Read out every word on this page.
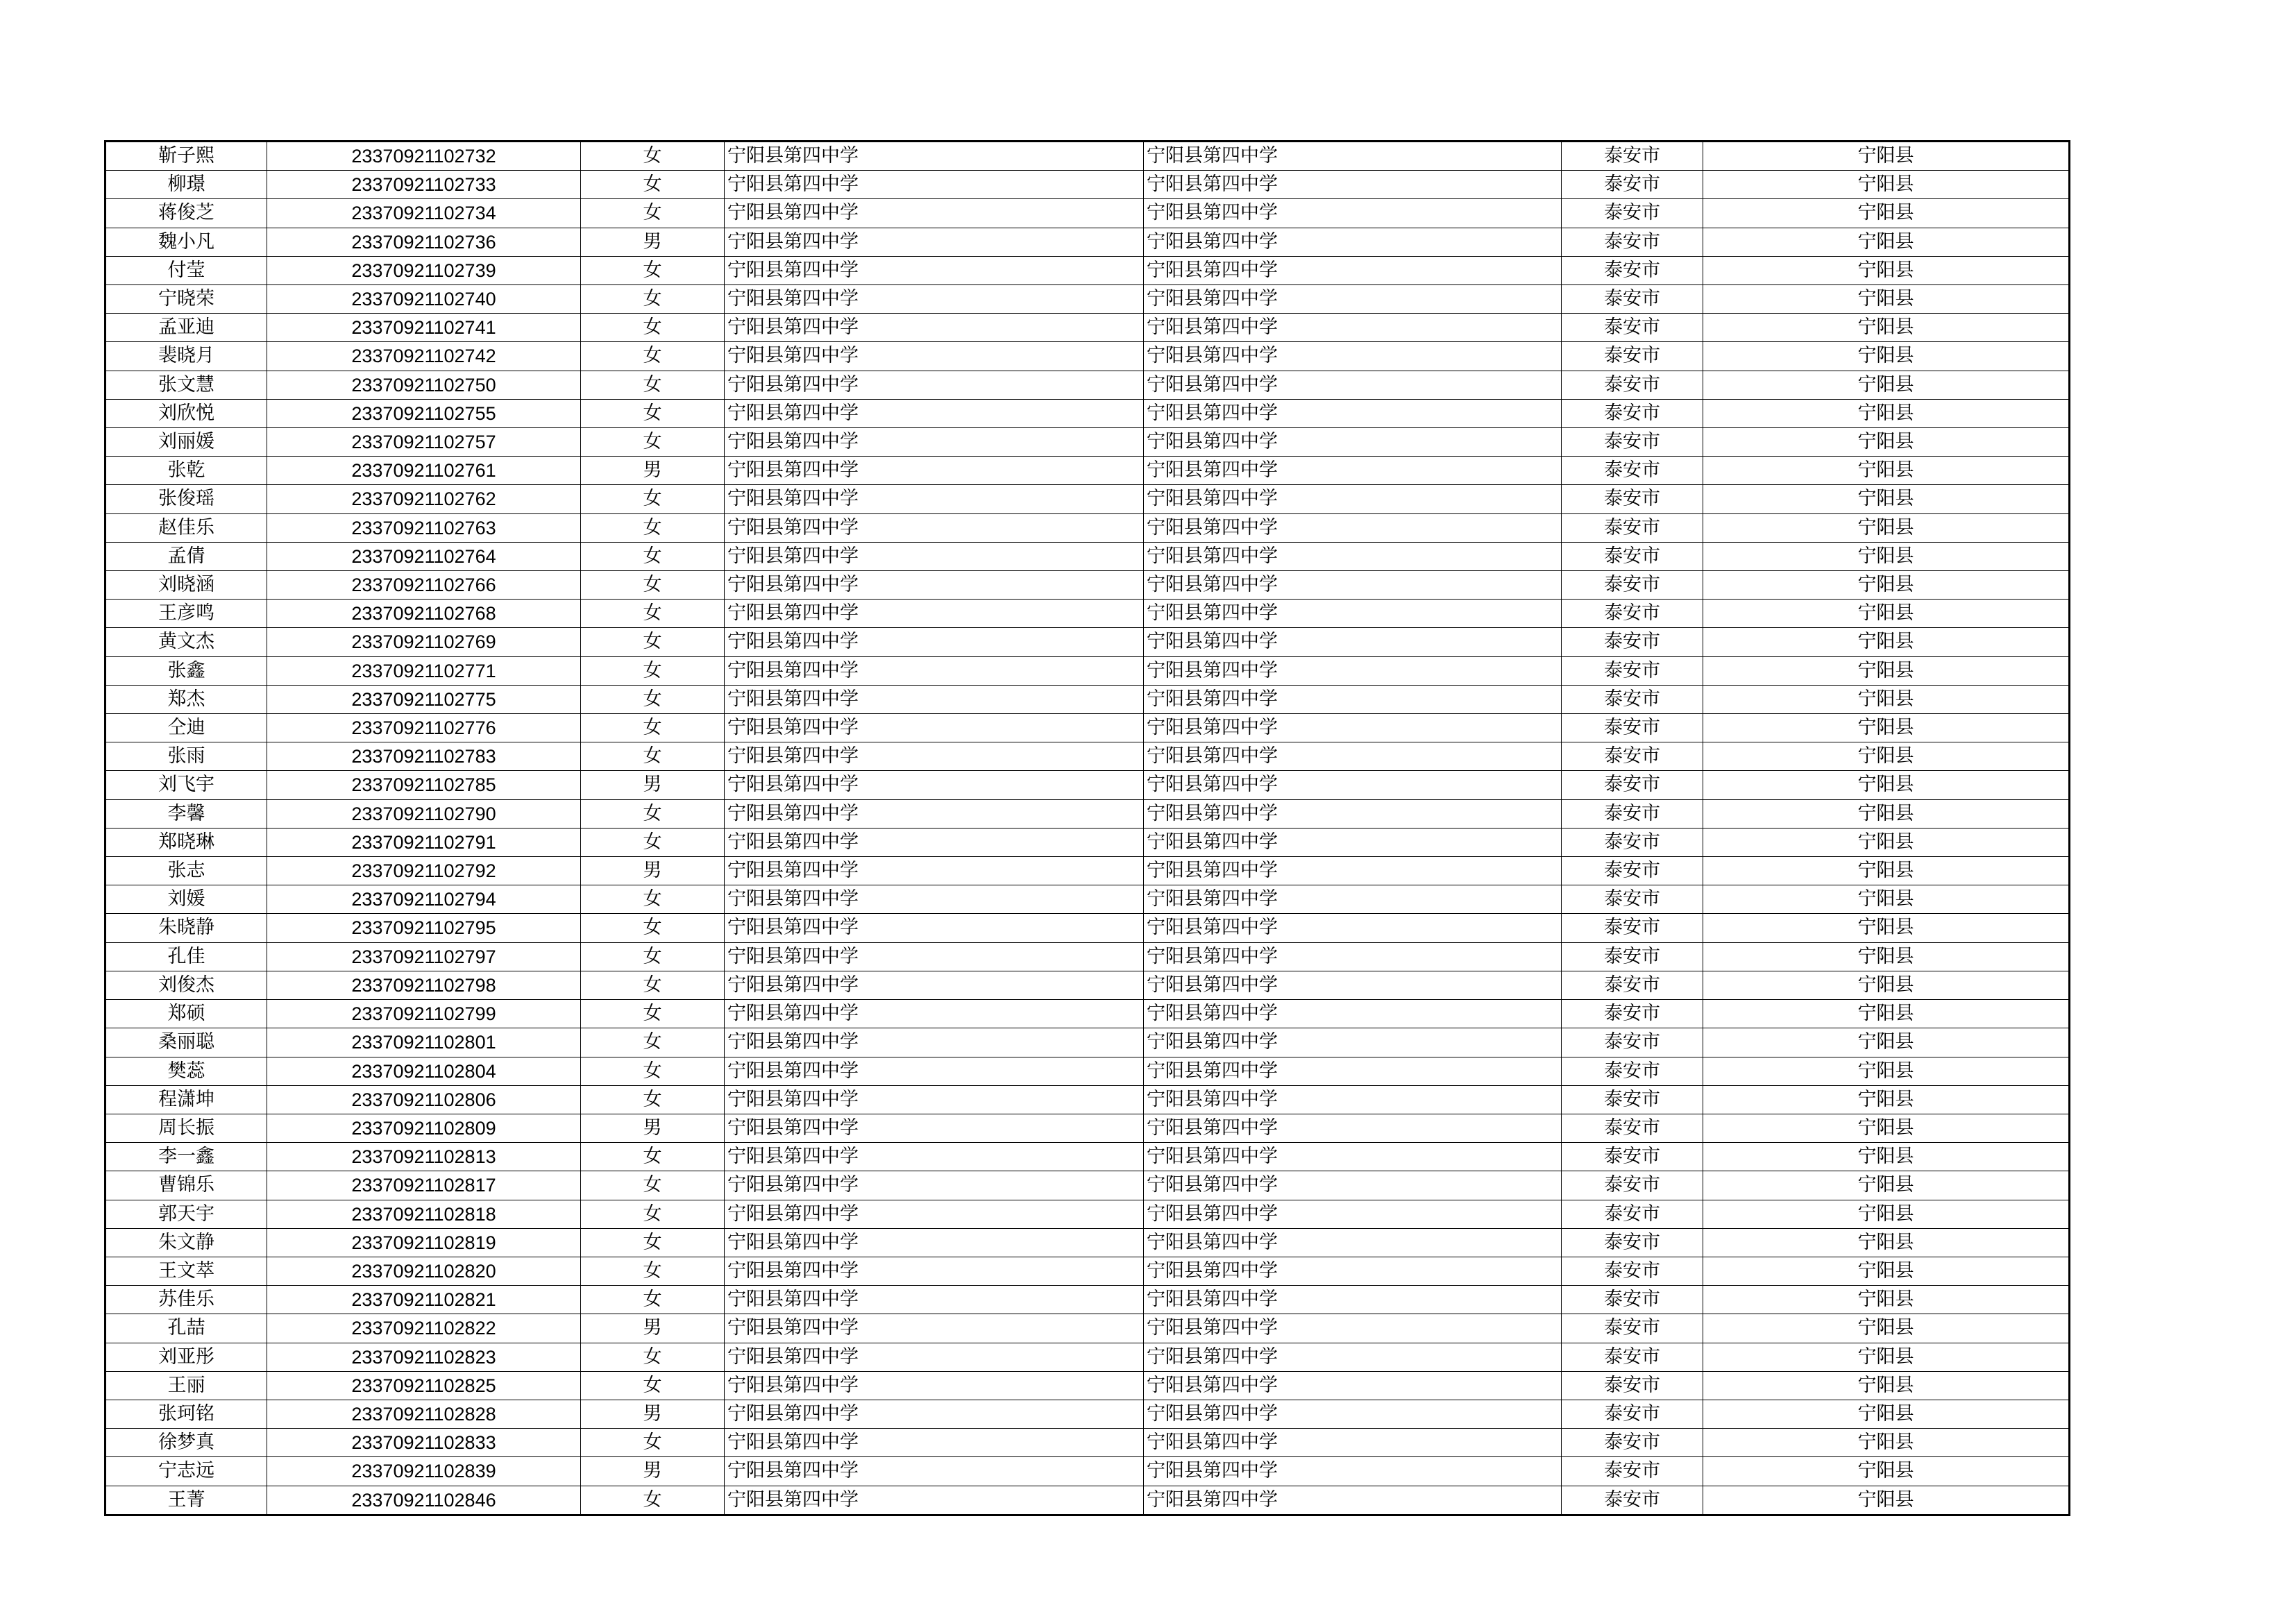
靳子熙	23370921102732	女	宁阳县第四中学	宁阳县第四中学	泰安市	宁阳县
柳璟	23370921102733	女	宁阳县第四中学	宁阳县第四中学	泰安市	宁阳县
蒋俊芝	23370921102734	女	宁阳县第四中学	宁阳县第四中学	泰安市	宁阳县
魏小凡	23370921102736	男	宁阳县第四中学	宁阳县第四中学	泰安市	宁阳县
付莹	23370921102739	女	宁阳县第四中学	宁阳县第四中学	泰安市	宁阳县
宁晓荣	23370921102740	女	宁阳县第四中学	宁阳县第四中学	泰安市	宁阳县
孟亚迪	23370921102741	女	宁阳县第四中学	宁阳县第四中学	泰安市	宁阳县
裴晓月	23370921102742	女	宁阳县第四中学	宁阳县第四中学	泰安市	宁阳县
张文慧	23370921102750	女	宁阳县第四中学	宁阳县第四中学	泰安市	宁阳县
刘欣悦	23370921102755	女	宁阳县第四中学	宁阳县第四中学	泰安市	宁阳县
刘丽媛	23370921102757	女	宁阳县第四中学	宁阳县第四中学	泰安市	宁阳县
张乾	23370921102761	男	宁阳县第四中学	宁阳县第四中学	泰安市	宁阳县
张俊瑶	23370921102762	女	宁阳县第四中学	宁阳县第四中学	泰安市	宁阳县
赵佳乐	23370921102763	女	宁阳县第四中学	宁阳县第四中学	泰安市	宁阳县
孟倩	23370921102764	女	宁阳县第四中学	宁阳县第四中学	泰安市	宁阳县
刘晓涵	23370921102766	女	宁阳县第四中学	宁阳县第四中学	泰安市	宁阳县
王彦鸣	23370921102768	女	宁阳县第四中学	宁阳县第四中学	泰安市	宁阳县
黄文杰	23370921102769	女	宁阳县第四中学	宁阳县第四中学	泰安市	宁阳县
张鑫	23370921102771	女	宁阳县第四中学	宁阳县第四中学	泰安市	宁阳县
郑杰	23370921102775	女	宁阳县第四中学	宁阳县第四中学	泰安市	宁阳县
仝迪	23370921102776	女	宁阳县第四中学	宁阳县第四中学	泰安市	宁阳县
张雨	23370921102783	女	宁阳县第四中学	宁阳县第四中学	泰安市	宁阳县
刘飞宇	23370921102785	男	宁阳县第四中学	宁阳县第四中学	泰安市	宁阳县
李馨	23370921102790	女	宁阳县第四中学	宁阳县第四中学	泰安市	宁阳县
郑晓琳	23370921102791	女	宁阳县第四中学	宁阳县第四中学	泰安市	宁阳县
张志	23370921102792	男	宁阳县第四中学	宁阳县第四中学	泰安市	宁阳县
刘媛	23370921102794	女	宁阳县第四中学	宁阳县第四中学	泰安市	宁阳县
朱晓静	23370921102795	女	宁阳县第四中学	宁阳县第四中学	泰安市	宁阳县
孔佳	23370921102797	女	宁阳县第四中学	宁阳县第四中学	泰安市	宁阳县
刘俊杰	23370921102798	女	宁阳县第四中学	宁阳县第四中学	泰安市	宁阳县
郑硕	23370921102799	女	宁阳县第四中学	宁阳县第四中学	泰安市	宁阳县
桑丽聪	23370921102801	女	宁阳县第四中学	宁阳县第四中学	泰安市	宁阳县
樊蕊	23370921102804	女	宁阳县第四中学	宁阳县第四中学	泰安市	宁阳县
程潇坤	23370921102806	女	宁阳县第四中学	宁阳县第四中学	泰安市	宁阳县
周长振	23370921102809	男	宁阳县第四中学	宁阳县第四中学	泰安市	宁阳县
李一鑫	23370921102813	女	宁阳县第四中学	宁阳县第四中学	泰安市	宁阳县
曹锦乐	23370921102817	女	宁阳县第四中学	宁阳县第四中学	泰安市	宁阳县
郭天宇	23370921102818	女	宁阳县第四中学	宁阳县第四中学	泰安市	宁阳县
朱文静	23370921102819	女	宁阳县第四中学	宁阳县第四中学	泰安市	宁阳县
王文萃	23370921102820	女	宁阳县第四中学	宁阳县第四中学	泰安市	宁阳县
苏佳乐	23370921102821	女	宁阳县第四中学	宁阳县第四中学	泰安市	宁阳县
孔喆	23370921102822	男	宁阳县第四中学	宁阳县第四中学	泰安市	宁阳县
刘亚彤	23370921102823	女	宁阳县第四中学	宁阳县第四中学	泰安市	宁阳县
王丽	23370921102825	女	宁阳县第四中学	宁阳县第四中学	泰安市	宁阳县
张珂铭	23370921102828	男	宁阳县第四中学	宁阳县第四中学	泰安市	宁阳县
徐梦真	23370921102833	女	宁阳县第四中学	宁阳县第四中学	泰安市	宁阳县
宁志远	23370921102839	男	宁阳县第四中学	宁阳县第四中学	泰安市	宁阳县
王菁	23370921102846	女	宁阳县第四中学	宁阳县第四中学	泰安市	宁阳县
